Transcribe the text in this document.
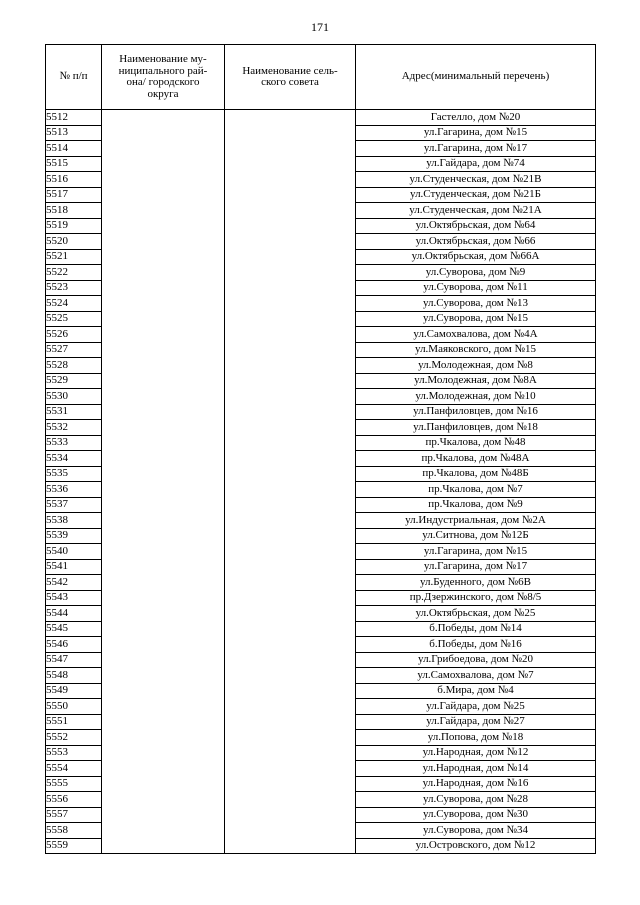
171
№ п/п	Наименование му-
ниципального рай-
она/ городского
округа	Наименование сель-
ского совета	Адрес(минимальный перечень)
5512			Гастелло, дом №20
5513			ул.Гагарина, дом №15
5514			ул.Гагарина, дом №17
5515			ул.Гайдара, дом №74
5516			ул.Студенческая, дом №21В
5517			ул.Студенческая, дом №21Б
5518			ул.Студенческая, дом №21А
5519			ул.Октябрьская, дом №64
5520			ул.Октябрьская, дом №66
5521			ул.Октябрьская, дом №66А
5522			ул.Суворова, дом №9
5523			ул.Суворова, дом №11
5524			ул.Суворова, дом №13
5525			ул.Суворова, дом №15
5526			ул.Самохвалова, дом №4А
5527			ул.Маяковского, дом №15
5528			ул.Молодежная, дом №8
5529			ул.Молодежная, дом №8А
5530			ул.Молодежная, дом №10
5531			ул.Панфиловцев, дом №16
5532			ул.Панфиловцев, дом №18
5533			пр.Чкалова, дом №48
5534			пр.Чкалова, дом №48А
5535			пр.Чкалова, дом №48Б
5536			пр.Чкалова, дом №7
5537			пр.Чкалова, дом №9
5538			ул.Индустриальная, дом №2А
5539			ул.Ситнова, дом №12Б
5540			ул.Гагарина, дом №15
5541			ул.Гагарина, дом №17
5542			ул.Буденного, дом №6В
5543			пр.Дзержинского, дом №8/5
5544			ул.Октябрьская, дом №25
5545			б.Победы, дом №14
5546			б.Победы, дом №16
5547			ул.Грибоедова, дом №20
5548			ул.Самохвалова, дом №7
5549			б.Мира, дом №4
5550			ул.Гайдара, дом №25
5551			ул.Гайдара, дом №27
5552			ул.Попова, дом №18
5553			ул.Народная, дом №12
5554			ул.Народная, дом №14
5555			ул.Народная, дом №16
5556			ул.Суворова, дом №28
5557			ул.Суворова, дом №30
5558			ул.Суворова, дом №34
5559			ул.Островского, дом №12
